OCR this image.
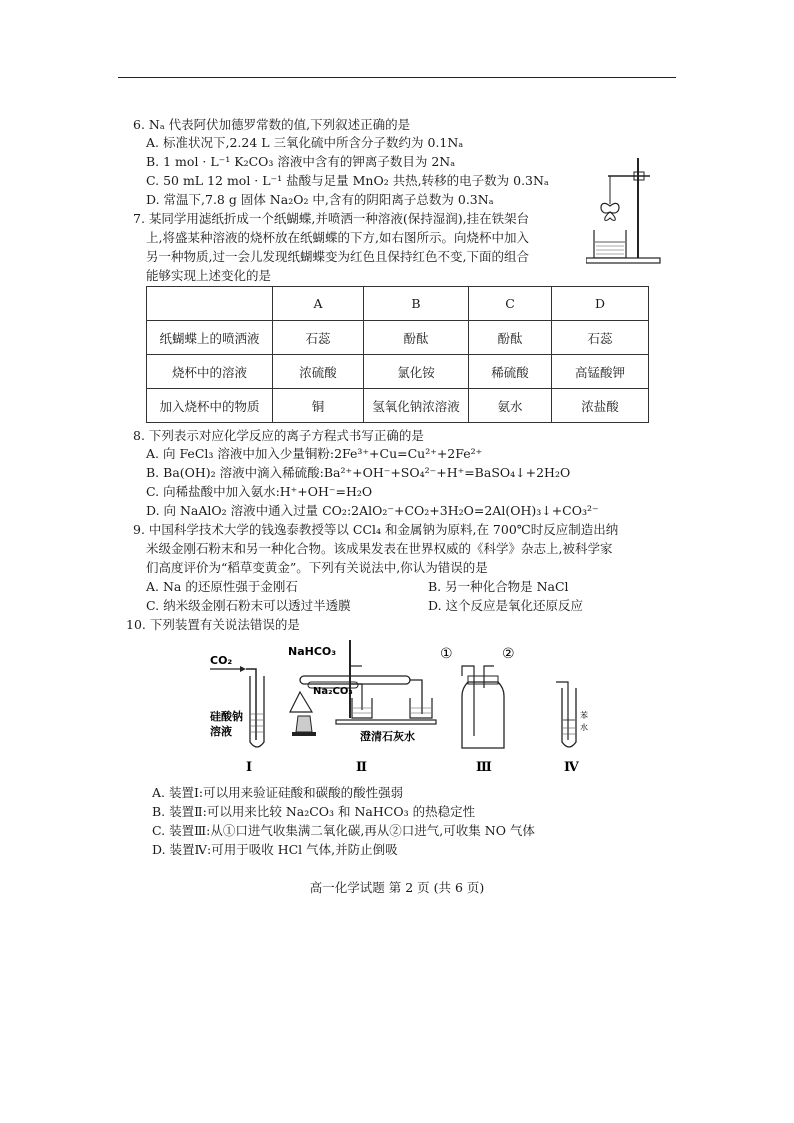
6. Nₐ 代表阿伏加德罗常数的值,下列叙述正确的是
A. 标准状况下,2.24 L 三氧化硫中所含分子数约为 0.1Nₐ
B. 1 mol · L⁻¹ K₂CO₃ 溶液中含有的钾离子数目为 2Nₐ
C. 50 mL 12 mol · L⁻¹ 盐酸与足量 MnO₂ 共热,转移的电子数为 0.3Nₐ
D. 常温下,7.8 g 固体 Na₂O₂ 中,含有的阴阳离子总数为 0.3Nₐ
7. 某同学用滤纸折成一个纸蝴蝶,并喷洒一种溶液(保持湿润),挂在铁架台
上,将盛某种溶液的烧杯放在纸蝴蝶的下方,如右图所示。向烧杯中加入
另一种物质,过一会儿发现纸蝴蝶变为红色且保持红色不变,下面的组合
能够实现上述变化的是
	A	B	C	D
纸蝴蝶上的喷洒液	石蕊	酚酞	酚酞	石蕊
烧杯中的溶液	浓硫酸	氯化铵	稀硫酸	高锰酸钾
加入烧杯中的物质	铜	氢氧化钠浓溶液	氨水	浓盐酸
8. 下列表示对应化学反应的离子方程式书写正确的是
A. 向 FeCl₃ 溶液中加入少量铜粉:2Fe³⁺+Cu=Cu²⁺+2Fe²⁺
B. Ba(OH)₂ 溶液中滴入稀硫酸:Ba²⁺+OH⁻+SO₄²⁻+H⁺=BaSO₄↓+2H₂O
C. 向稀盐酸中加入氨水:H⁺+OH⁻=H₂O
D. 向 NaAlO₂ 溶液中通入过量 CO₂:2AlO₂⁻+CO₂+3H₂O=2Al(OH)₃↓+CO₃²⁻
9. 中国科学技术大学的钱逸泰教授等以 CCl₄ 和金属钠为原料,在 700℃时反应制造出纳
米级金刚石粉末和另一种化合物。该成果发表在世界权威的《科学》杂志上,被科学家
们高度评价为“稻草变黄金”。下列有关说法中,你认为错误的是
A. Na 的还原性强于金刚石	B. 另一种化合物是 NaCl
C. 纳米级金刚石粉末可以透过半透膜	D. 这个反应是氧化还原反应
10. 下列装置有关说法错误的是
CO₂
硅酸钠
溶液
Ⅰ
NaHCO₃
Na₂CO₃
澄清石灰水
Ⅱ
①	②
Ⅲ
苯
水
Ⅳ
A. 装置Ⅰ:可以用来验证硅酸和碳酸的酸性强弱
B. 装置Ⅱ:可以用来比较 Na₂CO₃ 和 NaHCO₃ 的热稳定性
C. 装置Ⅲ:从①口进气收集满二氧化碳,再从②口进气,可收集 NO 气体
D. 装置Ⅳ:可用于吸收 HCl 气体,并防止倒吸
高一化学试题 第 2 页 (共 6 页)
